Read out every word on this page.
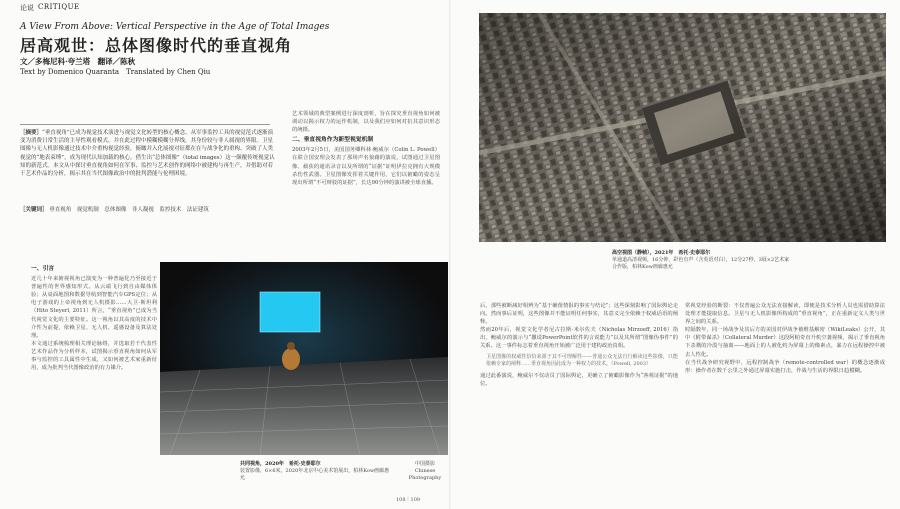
论说 CRITIQUE
A View From Above: Vertical Perspective in the Age of Total Images
居高观世：总体图像时代的垂直视角
文／多梅尼科·夸兰塔　翻译／陈秋
Text by Domenico Quaranta　Translated by Chen Qiu
［摘要］“垂直视角”已成为视觉技术演进与视觉文化转型的核心概念。从军事监控工具的视觉范式逐渐演变为消费日常生活的主导性观看模式，并在此过程中模糊模糊分界线，其身份较与非人属视的界限。卫星图像与无人机影像通过技术中介重构视觉经验，俯瞰并入化展视对征都在在与战争化的重构、突破了人类视觉的“地表束缚”，成为现代认知加载的核心。借生出“总体图像”（total images）这一颠覆传统视觉认知的新范式。本文从中探讨垂直视角如何在军事、监控与艺术创作的网络中被建构与再生产，并借助对若干艺术作品的分析，揭示其在当代图像政治中的批判潜能与伦理困境。
［关键词］ 垂直视角　 视觉机制　 总体图像　 非人凝视　 监控技术　 法证建筑
艺术领域的典型案例进行深度剖析，旨在探究垂直视角如何被调动以揭示权力的运作机制，以及我们应如何对抗其意识形态的统摄。
二、垂直视角作为新型视觉机制
2003年2月5日，美国国务卿科林·鲍威尔（Colin L. Powell）在联合国安理会发表了那场声名狼藉的演说，试图通过卫星图像、截获的通讯录音以及所谓的“证据”证明伊拉克拥有大规模杀伤性武器。卫星图像发挥着关键作用，它们以俯瞰的姿态呈现出所谓“不可辩驳的证据”，长达90分钟的演讲被全球直播。
一、引言
近几十年来俯视视角已演变为一种普遍化乃至接近于普遍性的世界感知形式。从云端飞行到自由媒体体验；从桌面地图和数据导航到智能汽车GPS定位；从电子游戏的上帝视角到无人机摄影……大卫·斯坦利（Hito Steyerl, 2011）所言，“垂直视角”已成为当代视觉文化的主要特征。这一视角以其高度的技术中介性为前提，依赖卫星、无人机、遥感设备及算法处理。
本文通过系统梳理相关理论脉络，并选取若干代表性艺术作品作为分析样本，试图揭示垂直视角如何从军事与监控的工具属性中生成，又如何被艺术家重新征用，成为批判当代图像政治的有力媒介。
共同视角，2020年　希托·史泰耶尔
装置影像，6×6米，2020年北京中心美术馆展出，柏林Kow画廊惠允
中国摄影 Chinese Photography
高空视图（静帧），2021年　希托·史泰耶尔
单通道高清视频，16分钟，彩色有声（含英语对白），12分27秒，3展×2艺术家合作版，柏林Kow画廊惠允
后，那些被断减好相辨为“基于确凿情报的事实与结论”；这些深刻影响了国际舆论走向。然而事后证明，这些图像并不能证明任何事实，其意义完全依赖于权威话语的阐释。
然而20年后，视觉文化学者尼古拉斯·米尔佐夫（Nicholas Mirzoeff, 2016）指出，鲍威尔的演示与“撒谎PowerPoint软件的言说能力”以及其所谓“图像伪事件”的关系。这一事件标志着垂直视角开始被广泛用于建构政治真相。
卫星图像的权威性恰恰来源于其不可理解性——普通公众无法自行解读这些影像，只能依赖专家的阐释……垂直视角因此成为一种权力的技术。（Powell, 2003）
通过此番演说，鲍威尔不仅动员了国际舆论，更确立了俯瞰影像作为“客观证据”的地位。
常视觉经验的断裂：不仅普遍公众无法直接解读，即便是技术分析人员也需借助算法处理才能提取信息。卫星与无人机影像所构成的“垂直视角”，正在重新定义人类与世界之间的关系。
时隔数年，同一场战争及其后方的美国对伊战争被维基解密（WikiLeaks）公开，其中《附带谋杀》（Collateral Murder）这段阿帕奇直升机空袭视频，揭示了垂直视角下杀戮的冷漠与抽离——地面上的人被化约为屏幕上的像素点，暴力在远程操控中被去人性化。
在当代战争研究视野中，远程控制战争（remote-controlled war）的概念逐渐成形：操作者在数千公里之外通过屏幕实施打击，作战与生活的界限日趋模糊。
108｜109
